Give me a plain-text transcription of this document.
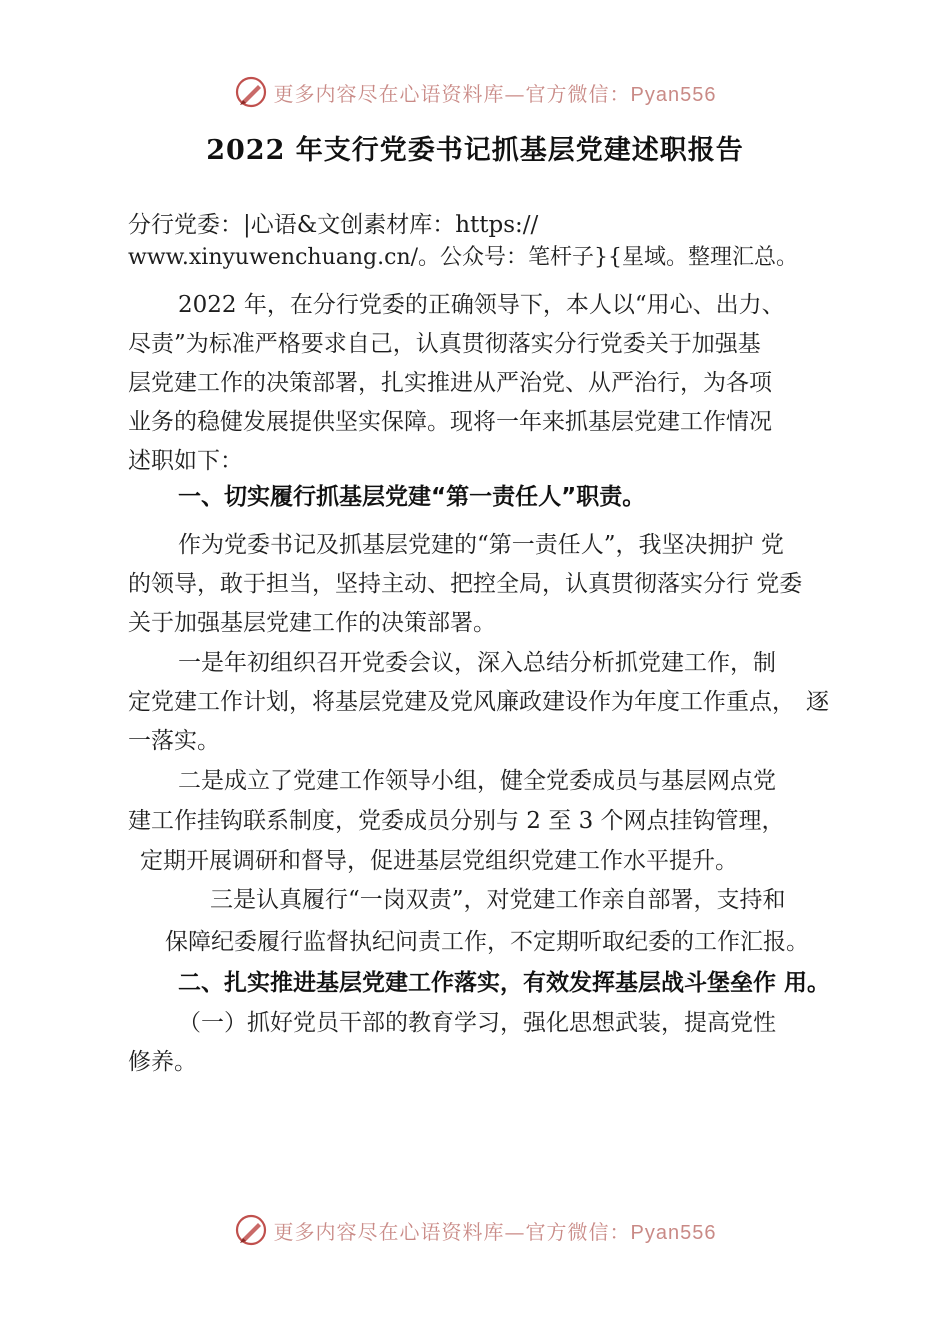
更多内容尽在心语资料库—官方微信：Pyan556
2022 年支行党委书记抓基层党建述职报告
分行党委：|心语&文创素材库：https://
www.xinyuwenchuang.cn/。公众号：笔杆子}{星域。整理汇总。
2022 年，在分行党委的正确领导下，本人以“用心、出力、
尽责”为标准严格要求自己，认真贯彻落实分行党委关于加强基
层党建工作的决策部署，扎实推进从严治党、从严治行，为各项
业务的稳健发展提供坚实保障。现将一年来抓基层党建工作情况
述职如下：
一、切实履行抓基层党建“第一责任人”职责。
作为党委书记及抓基层党建的“第一责任人”，我坚决拥护 党
的领导，敢于担当，坚持主动、把控全局，认真贯彻落实分行 党委
关于加强基层党建工作的决策部署。
一是年初组织召开党委会议，深入总结分析抓党建工作，制
定党建工作计划，将基层党建及党风廉政建设作为年度工作重点， 逐
一落实。
二是成立了党建工作领导小组，健全党委成员与基层网点党
建工作挂钩联系制度，党委成员分别与 2 至 3 个网点挂钩管理，
定期开展调研和督导，促进基层党组织党建工作水平提升。
三是认真履行“一岗双责”，对党建工作亲自部署，支持和
保障纪委履行监督执纪问责工作，不定期听取纪委的工作汇报。
二、扎实推进基层党建工作落实，有效发挥基层战斗堡垒作 用。
（一）抓好党员干部的教育学习，强化思想武装，提高党性
修养。
更多内容尽在心语资料库—官方微信：Pyan556
